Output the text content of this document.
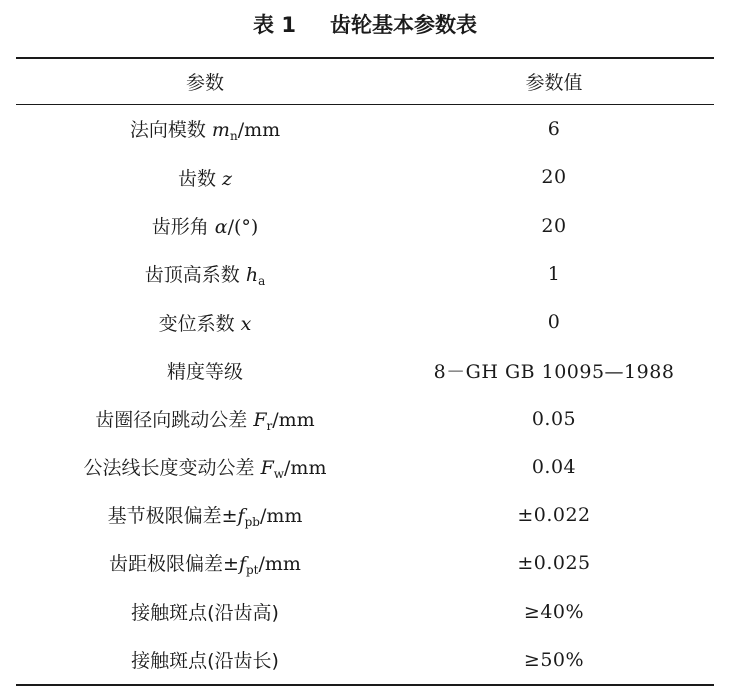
表 1 齿轮基本参数表
参数	参数值
法向模数 $m_n/mm$	6
齿数 z	20
齿形角 α/(°)	20
齿顶高系数 $h_a$	1
变位系数 x	0
精度等级	8－GH GB 10095—1988
齿圈径向跳动公差 $F_r/mm$	0.05
公法线长度变动公差 $F_w/mm$	0.04
基节极限偏差$\pm f_{pb}/mm$	±0.022
齿距极限偏差$\pm f_{pt}/mm$	±0.025
接触斑点(沿齿高)	≥40%
接触斑点(沿齿长)	≥50%
